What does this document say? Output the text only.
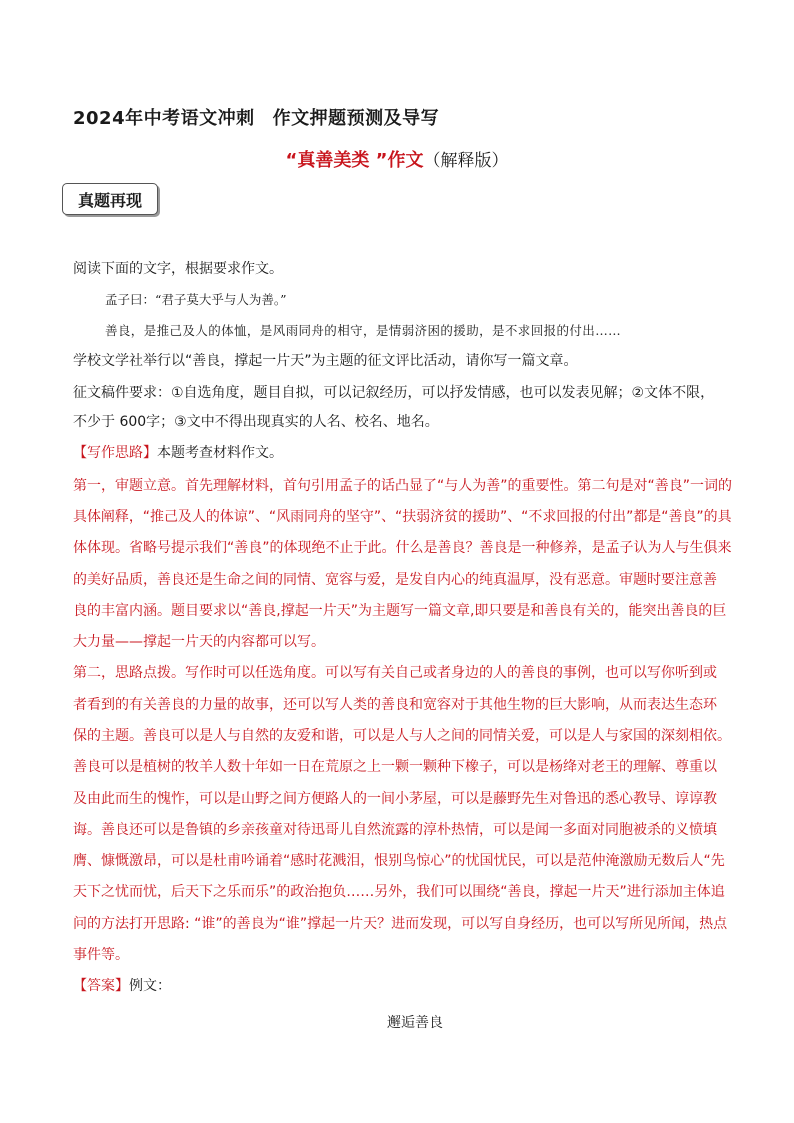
2024年中考语文冲刺 作文押题预测及导写
“真善美类 ”作文（解释版）
真题再现
阅读下面的文字，根据要求作文。
孟子曰：“君子莫大乎与人为善。”
善良，是推己及人的体恤，是风雨同舟的相守，是情弱济困的援助，是不求回报的付出……
学校文学社举行以“善良，撑起一片天”为主题的征文评比活动，请你写一篇文章。
征文稿件要求：①自选角度，题目自拟，可以记叙经历，可以抒发情感，也可以发表见解；②文体不限，
不少于 600字；③文中不得出现真实的人名、校名、地名。
【写作思路】本题考查材料作文。
第一，审题立意。首先理解材料，首句引用孟子的话凸显了“与人为善”的重要性。第二句是对“善良”一词的
具体阐释，“推己及人的体谅”、“风雨同舟的坚守”、“扶弱济贫的援助”、“不求回报的付出”都是“善良”的具
体体现。省略号提示我们“善良”的体现绝不止于此。什么是善良？善良是一种修养，是孟子认为人与生俱来
的美好品质，善良还是生命之间的同情、宽容与爱，是发自内心的纯真温厚，没有恶意。审题时要注意善
良的丰富内涵。题目要求以“善良,撑起一片天”为主题写一篇文章,即只要是和善良有关的，能突出善良的巨
大力量——撑起一片天的内容都可以写。
第二，思路点拨。写作时可以任选角度。可以写有关自己或者身边的人的善良的事例，也可以写你听到或
者看到的有关善良的力量的故事，还可以写人类的善良和宽容对于其他生物的巨大影响，从而表达生态环
保的主题。善良可以是人与自然的友爱和谐，可以是人与人之间的同情关爱，可以是人与家国的深刻相依。
善良可以是植树的牧羊人数十年如一日在荒原之上一颗一颗种下橡子，可以是杨绛对老王的理解、尊重以
及由此而生的愧怍，可以是山野之间方便路人的一间小茅屋，可以是藤野先生对鲁迅的悉心教导、谆谆教
诲。善良还可以是鲁镇的乡亲孩童对待迅哥儿自然流露的淳朴热情，可以是闻一多面对同胞被杀的义愤填
膺、慷慨激昂，可以是杜甫吟诵着“感时花溅泪，恨别鸟惊心”的忧国忧民，可以是范仲淹激励无数后人“先
天下之忧而忧，后天下之乐而乐”的政治抱负……另外，我们可以围绕“善良，撑起一片天”进行添加主体追
问的方法打开思路: “谁”的善良为“谁”撑起一片天？进而发现，可以写自身经历，也可以写所见所闻，热点
事件等。
【答案】例文：
邂逅善良
